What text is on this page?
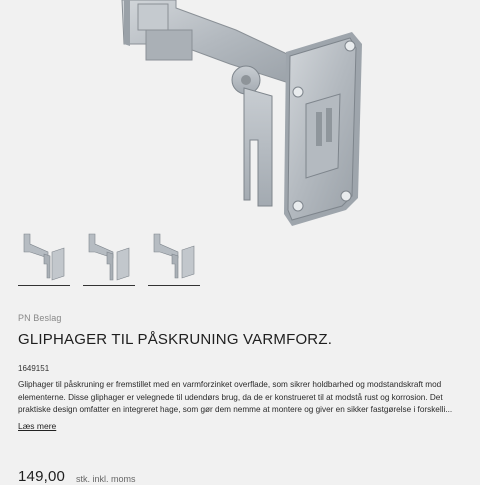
PN Beslag
GLIPHAGER TIL PÅSKRUNING VARMFORZ.
1649151

Gliphager til påskruning er fremstillet med en varmforzinket overflade, som sikrer holdbarhed og modstandskraft mod elementerne. Disse gliphager er velegnede til udendørs brug, da de er konstrueret til at modstå rust og korrosion. Det praktiske design omfatter en integreret hage, som gør dem nemme at montere og giver en sikker fastgørelse i forskelli...

Læs mere
149,00 stk. inkl. moms
